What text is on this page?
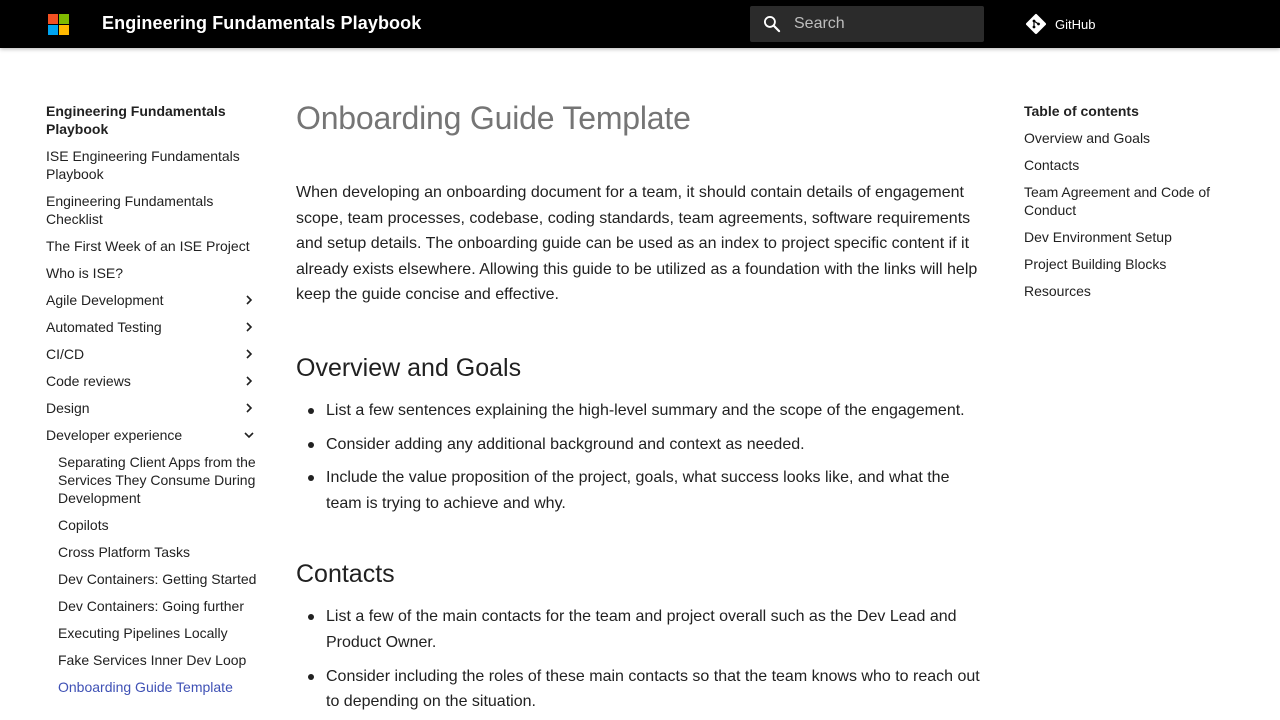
Engineering Fundamentals Playbook
Search	GitHub
Engineering Fundamentals Playbook
ISE Engineering Fundamentals Playbook
Engineering Fundamentals Checklist
The First Week of an ISE Project
Who is ISE?
Agile Development
Automated Testing
CI/CD
Code reviews
Design
Developer experience
Separating Client Apps from the Services They Consume During Development
Copilots
Cross Platform Tasks
Dev Containers: Getting Started
Dev Containers: Going further
Executing Pipelines Locally
Fake Services Inner Dev Loop
Onboarding Guide Template
Onboarding Guide Template

When developing an onboarding document for a team, it should contain details of engagement scope, team processes, codebase, coding standards, team agreements, software requirements and setup details. The onboarding guide can be used as an index to project specific content if it already exists elsewhere. Allowing this guide to be utilized as a foundation with the links will help keep the guide concise and effective.

Overview and Goals
List a few sentences explaining the high-level summary and the scope of the engagement.
Consider adding any additional background and context as needed.
Include the value proposition of the project, goals, what success looks like, and what the team is trying to achieve and why.
Contacts
List a few of the main contacts for the team and project overall such as the Dev Lead and Product Owner.
Consider including the roles of these main contacts so that the team knows who to reach out to depending on the situation.
Table of contents
Overview and Goals
Contacts
Team Agreement and Code of Conduct
Dev Environment Setup
Project Building Blocks
Resources
